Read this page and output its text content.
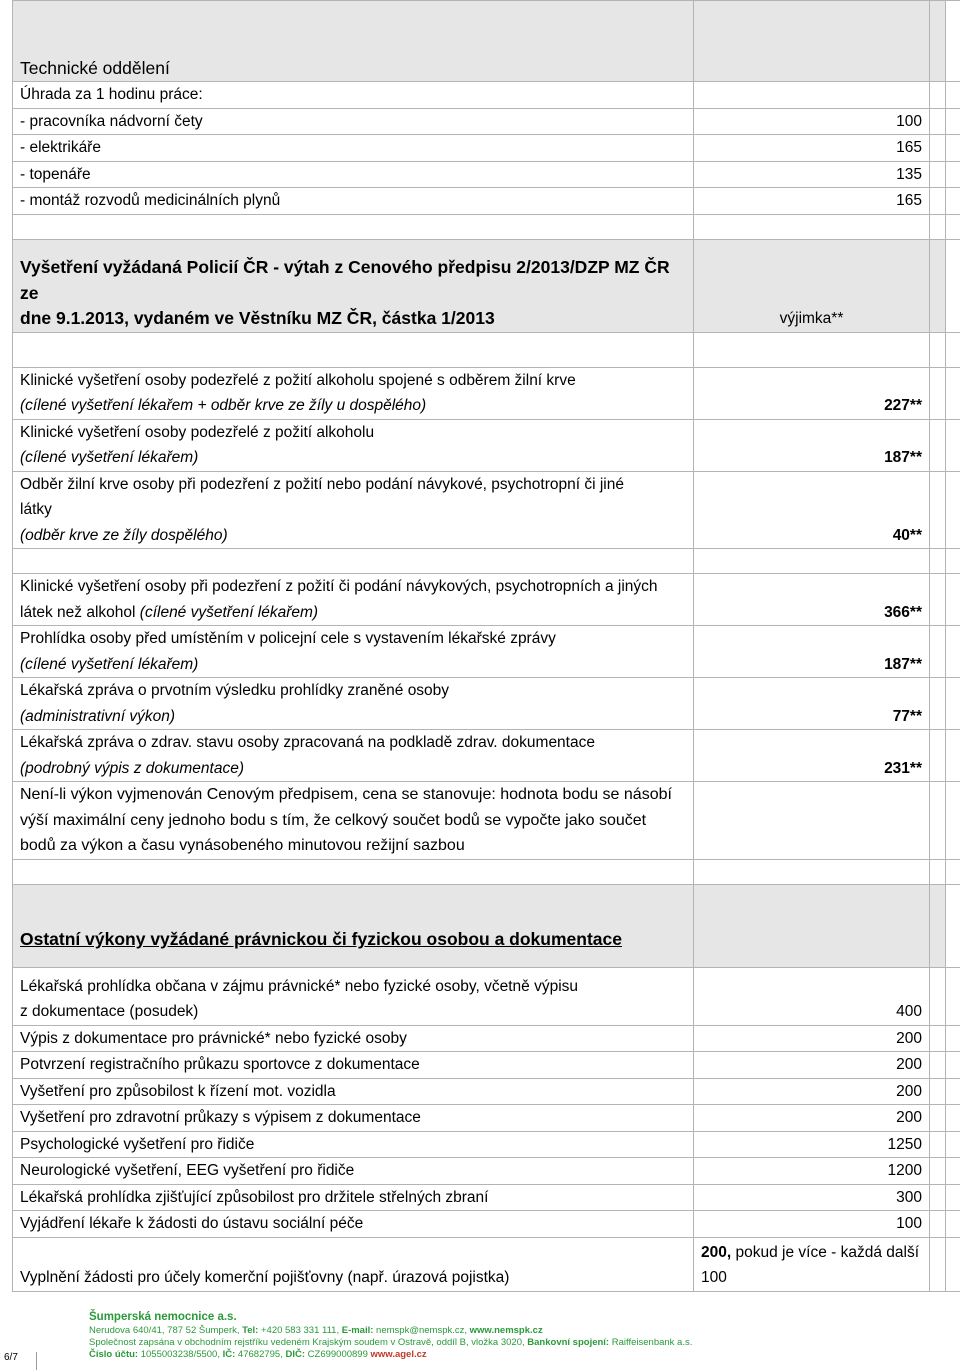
Technické oddělení			
Úhrada za 1 hodinu práce:			
- pracovníka nádvorní čety	100		
- elektrikáře	165		
- topenáře	135		
- montáž rozvodů medicinálních plynů	165		

Vyšetření vyžádaná Policií ČR - výtah z Cenového předpisu 2/2013/DZP MZ ČR ze
dne 9.1.2013, vydaném ve Věstníku MZ ČR, částka 1/2013	výjimka**		

Klinické vyšetření osoby podezřelé z požití alkoholu spojené s odběrem žilní krve
(cílené vyšetření lékařem + odběr krve ze žíly u dospělého)	227**		

Klinické vyšetření osoby podezřelé z požití alkoholu
(cílené vyšetření lékařem)	187**		

Odběr žilní krve osoby při podezření z požití nebo podání návykové, psychotropní či jiné
látky
(odběr krve ze žíly dospělého)	40**		

Klinické vyšetření osoby při podezření z požití či podání návykových, psychotropních a jiných
látek než alkohol (cílené vyšetření lékařem)	366**		

Prohlídka osoby před umístěním v policejní cele s vystavením lékařské zprávy
(cílené vyšetření lékařem)	187**		

Lékařská zpráva o prvotním výsledku prohlídky zraněné osoby
(administrativní výkon)	77**		

Lékařská zpráva o zdrav. stavu osoby zpracovaná na podkladě zdrav. dokumentace
(podrobný výpis z dokumentace)	231**		

Není-li výkon vyjmenován Cenovým předpisem, cena se stanovuje: hodnota bodu se násobí
výší maximální ceny jednoho bodu s tím, že celkový součet bodů se vypočte jako součet
bodů za výkon a času vynásobeného minutovou režijní sazbou			

Ostatní výkony vyžádané právnickou či fyzickou osobou a dokumentace

Lékařská prohlídka občana v zájmu právnické* nebo fyzické osoby, včetně výpisu
z dokumentace (posudek)	400		
Výpis z dokumentace pro právnické* nebo fyzické osoby	200		
Potvrzení registračního průkazu sportovce z dokumentace	200		
Vyšetření pro způsobilost k řízení mot. vozidla	200		
Vyšetření pro zdravotní průkazy s výpisem z dokumentace	200		
Psychologické vyšetření pro řidiče	1250		
Neurologické vyšetření, EEG vyšetření pro řidiče	1200		
Lékařská prohlídka zjišťující způsobilost pro držitele střelných zbraní	300		
Vyjádření lékaře k žádosti do ústavu sociální péče	100		
Vyplnění žádosti pro účely komerční pojišťovny (např. úrazová pojistka)	200, pokud je více - každá další
100		

6/7
Šumperská nemocnice a.s.
Nerudova 640/41, 787 52 Šumperk, Tel: +420 583 331 111, E-mail: nemspk@nemspk.cz, www.nemspk.cz
Společnost zapsána v obchodním rejstříku vedeném Krajským soudem v Ostravě, oddíl B, vložka 3020, Bankovní spojení: Raiffeisenbank a.s.
Číslo účtu: 1055003238/5500, IČ: 47682795, DIČ: CZ699000899 www.agel.cz
